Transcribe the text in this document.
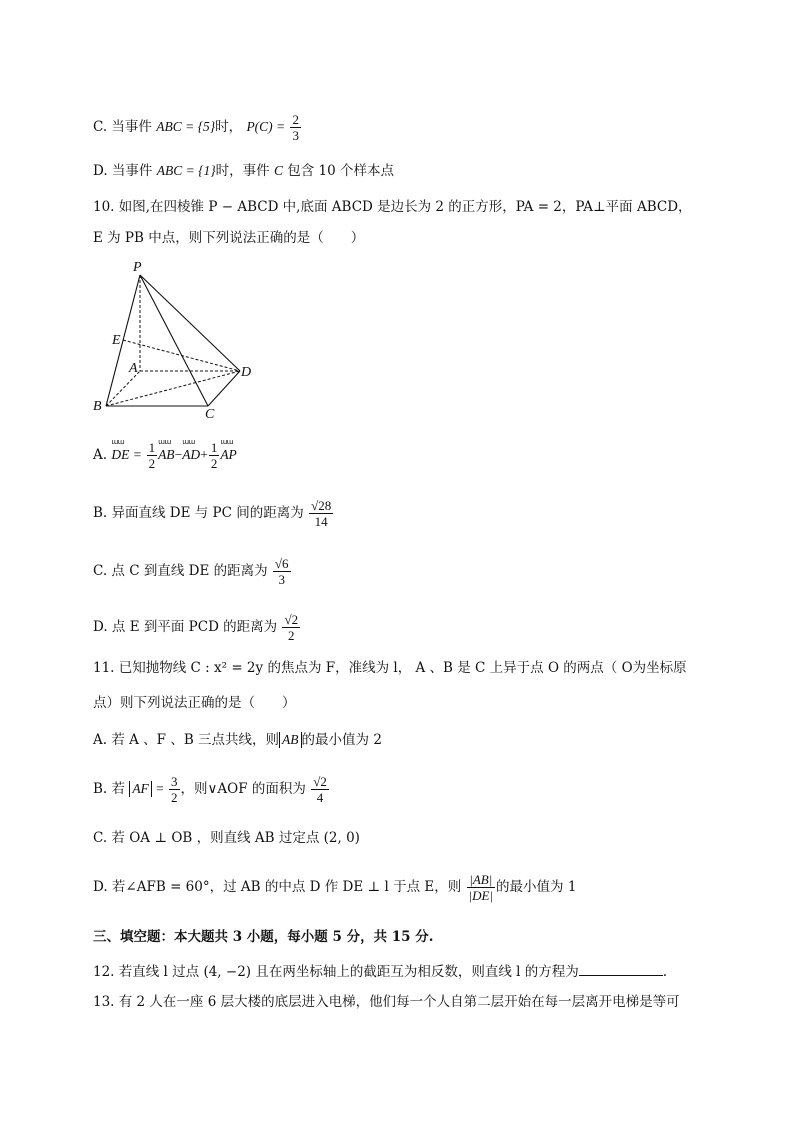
C. 当事件 ABC = {5}时， $P(C) = \frac{2}{3}$
D. 当事件 ABC = {1}时，事件 C 包含 10 个样本点
10. 如图,在四棱锥 P − ABCD 中,底面 ABCD 是边长为 2 的正方形，PA = 2，PA⊥平面 ABCD，
E 为 PB 中点，则下列说法正确的是（　　）
P
E
A	D
B
C
A.
ɯɯ
DE = $\frac{1}{2}$ ɯɯ
AB−
ɯɯ
$AD+ \frac{1}{2}$ ɯɯ
AP
B. 异面直线 DE 与 PC 间的距离为 $\frac{√28}{14}$
C. 点 C 到直线 DE 的距离为 $\frac{√6}{3}$
D. 点 E 到平面 PCD 的距离为 $\frac{√2}{2}$
11. 已知抛物线 C : x² = 2y 的焦点为 F，准线为 l， A 、B 是 C 上异于点 O 的两点（ O为坐标原
点）则下列说法正确的是（　　）
A. 若 A 、F 、B 三点共线，则 AB 的最小值为 2
B. 若 AF = $\frac{3}{2}$ ，则∨AOF 的面积为 $\frac{√2}{4}$
C. 若 OA ⊥ OB ，则直线 AB 过定点 (2, 0)
D. 若∠AFB = 60°，过 AB 的中点 D 作 DE ⊥ l 于点 E，则 $\frac{|AB|}{|DE|}$ 的最小值为 1
三、填空题：本大题共 3 小题，每小题 5 分，共 15 分.
12. 若直线 l 过点 (4, −2) 且在两坐标轴上的截距互为相反数，则直线 l 的方程为	.
13. 有 2 人在一座 6 层大楼的底层进入电梯，他们每一个人自第二层开始在每一层离开电梯是等可
